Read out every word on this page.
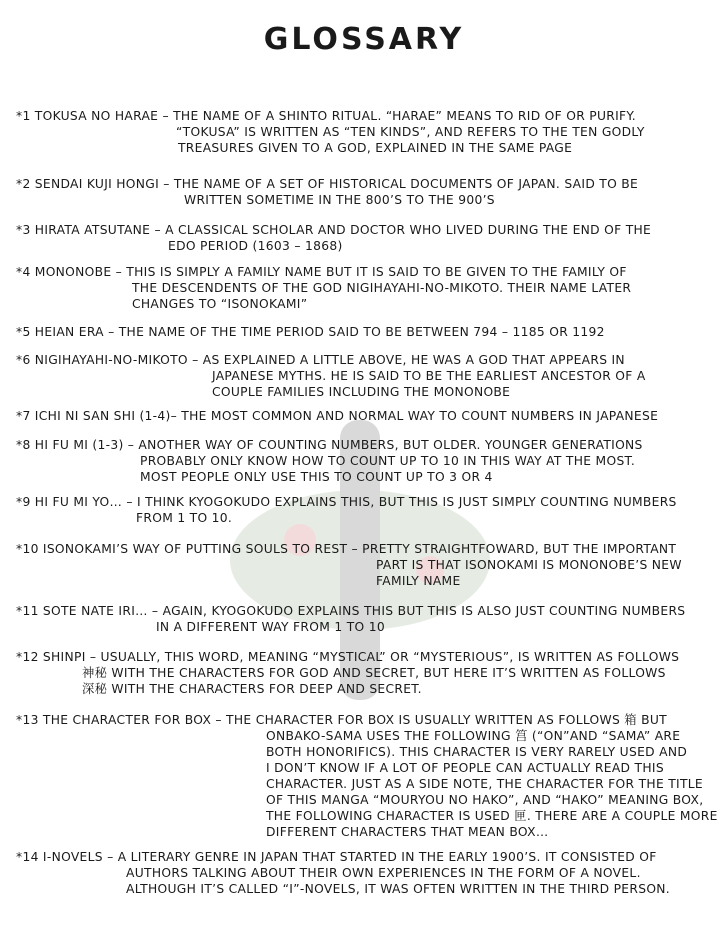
GLOSSARY
*1 TOKUSA NO HARAE – THE NAME OF A SHINTO RITUAL. “HARAE” MEANS TO RID OF OR PURIFY.
“TOKUSA” IS WRITTEN AS “TEN KINDS”, AND REFERS TO THE TEN GODLY
TREASURES GIVEN TO A GOD, EXPLAINED IN THE SAME PAGE
*2 SENDAI KUJI HONGI – THE NAME OF A SET OF HISTORICAL DOCUMENTS OF JAPAN. SAID TO BE
WRITTEN SOMETIME IN THE 800’S TO THE 900’S
*3 HIRATA ATSUTANE – A CLASSICAL SCHOLAR AND DOCTOR WHO LIVED DURING THE END OF THE
EDO PERIOD (1603 – 1868)
*4 MONONOBE – THIS IS SIMPLY A FAMILY NAME BUT IT IS SAID TO BE GIVEN TO THE FAMILY OF
THE DESCENDENTS OF THE GOD NIGIHAYAHI-NO-MIKOTO. THEIR NAME LATER
CHANGES TO “ISONOKAMI”
*5 HEIAN ERA – THE NAME OF THE TIME PERIOD SAID TO BE BETWEEN 794 – 1185 OR 1192
*6 NIGIHAYAHI-NO-MIKOTO – AS EXPLAINED A LITTLE ABOVE, HE WAS A GOD THAT APPEARS IN
JAPANESE MYTHS. HE IS SAID TO BE THE EARLIEST ANCESTOR OF A
COUPLE FAMILIES INCLUDING THE MONONOBE
*7 ICHI NI SAN SHI (1-4)– THE MOST COMMON AND NORMAL WAY TO COUNT NUMBERS IN JAPANESE
*8 HI FU MI (1-3) – ANOTHER WAY OF COUNTING NUMBERS, BUT OLDER. YOUNGER GENERATIONS
PROBABLY ONLY KNOW HOW TO COUNT UP TO 10 IN THIS WAY AT THE MOST.
MOST PEOPLE ONLY USE THIS TO COUNT UP TO 3 OR 4
*9 HI FU MI YO… – I THINK KYOGOKUDO EXPLAINS THIS, BUT THIS IS JUST SIMPLY COUNTING NUMBERS
FROM 1 TO 10.
*10 ISONOKAMI’S WAY OF PUTTING SOULS TO REST – PRETTY STRAIGHTFOWARD, BUT THE IMPORTANT
PART IS THAT ISONOKAMI IS MONONOBE’S NEW
FAMILY NAME
*11 SOTE NATE IRI… – AGAIN, KYOGOKUDO EXPLAINS THIS BUT THIS IS ALSO JUST COUNTING NUMBERS
IN A DIFFERENT WAY FROM 1 TO 10
*12 SHINPI – USUALLY, THIS WORD, MEANING “MYSTICAL” OR “MYSTERIOUS”, IS WRITTEN AS FOLLOWS
神秘 WITH THE CHARACTERS FOR GOD AND SECRET, BUT HERE IT’S WRITTEN AS FOLLOWS
深秘 WITH THE CHARACTERS FOR DEEP AND SECRET.
*13 THE CHARACTER FOR BOX – THE CHARACTER FOR BOX IS USUALLY WRITTEN AS FOLLOWS 箱 BUT
ONBAKO-SAMA USES THE FOLLOWING 筥 (“ON”AND “SAMA” ARE
BOTH HONORIFICS). THIS CHARACTER IS VERY RARELY USED AND
I DON’T KNOW IF A LOT OF PEOPLE CAN ACTUALLY READ THIS
CHARACTER. JUST AS A SIDE NOTE, THE CHARACTER FOR THE TITLE
OF THIS MANGA “MOURYOU NO HAKO”, AND “HAKO” MEANING BOX,
THE FOLLOWING CHARACTER IS USED 匣. THERE ARE A COUPLE MORE
DIFFERENT CHARACTERS THAT MEAN BOX…
*14 I-NOVELS – A LITERARY GENRE IN JAPAN THAT STARTED IN THE EARLY 1900’S. IT CONSISTED OF
AUTHORS TALKING ABOUT THEIR OWN EXPERIENCES IN THE FORM OF A NOVEL.
ALTHOUGH IT’S CALLED “I”-NOVELS, IT WAS OFTEN WRITTEN IN THE THIRD PERSON.
